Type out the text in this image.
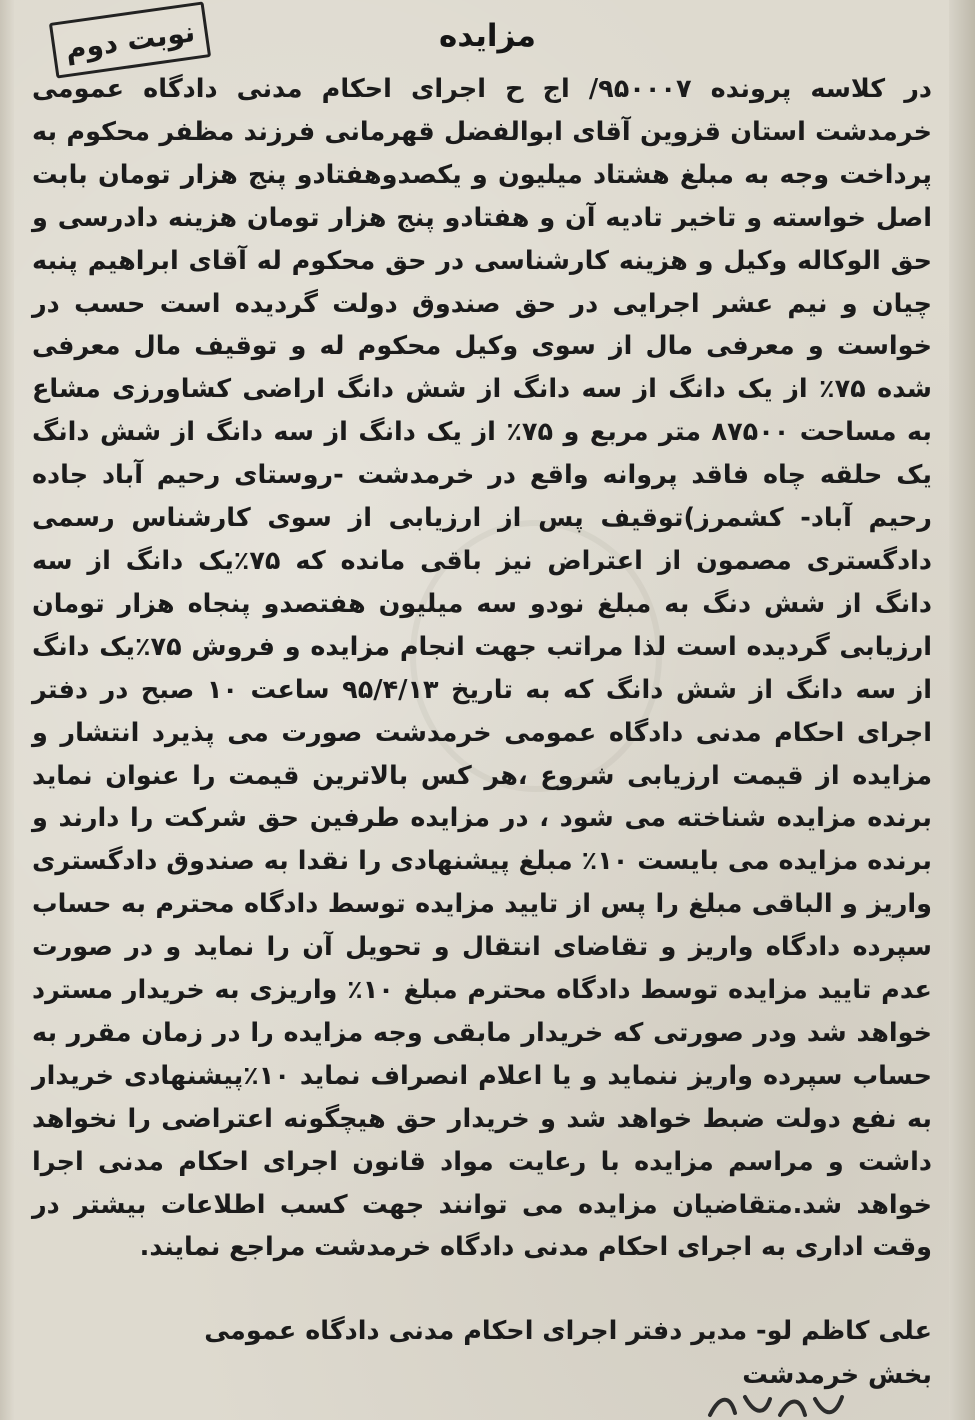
نوبت دوم	مزایده

در کلاسه پرونده ۹۵۰۰۰۷/ اج ح اجرای احکام مدنی دادگاه عمومی خرمدشت استان قزوین آقای ابوالفضل قهرمانی فرزند مظفر محکوم به پرداخت وجه به مبلغ هشتاد میلیون و یکصدوهفتادو پنج هزار تومان بابت اصل خواسته و تاخیر تادیه آن و هفتادو پنج هزار تومان هزینه دادرسی و حق الوکاله وکیل و هزینه کارشناسی در حق محکوم له آقای ابراهیم پنبه چیان و نیم عشر اجرایی در حق صندوق دولت گردیده است حسب در خواست و معرفی مال از سوی وکیل محکوم له و توقیف مال معرفی شده ۷۵٪ از یک دانگ از سه دانگ از شش دانگ اراضی کشاورزی مشاع به مساحت ۸۷۵۰۰ متر مربع و ۷۵٪ از یک دانگ از سه دانگ از شش دانگ یک حلقه چاه فاقد پروانه واقع در خرمدشت -روستای رحیم آباد جاده رحیم آباد- کشمرز)توقیف پس از ارزیابی از سوی کارشناس رسمی دادگستری مصمون از اعتراض نیز باقی مانده که ۷۵٪یک دانگ از سه دانگ از شش دنگ به مبلغ نودو سه میلیون هفتصدو پنجاه هزار تومان ارزیابی گردیده است لذا مراتب جهت انجام مزایده و فروش ۷۵٪یک دانگ از سه دانگ از شش دانگ که به تاریخ ۹۵/۴/۱۳ ساعت ۱۰ صبح در دفتر اجرای احکام مدنی دادگاه عمومی خرمدشت صورت می پذیرد انتشار و مزایده از قیمت ارزیابی شروع ،هر کس بالاترین قیمت را عنوان نماید برنده مزایده شناخته می شود ، در مزایده طرفین حق شرکت را دارند و برنده مزایده می بایست ۱۰٪ مبلغ پیشنهادی را نقدا به صندوق دادگستری واریز و الباقی مبلغ را پس از تایید مزایده توسط دادگاه محترم به حساب سپرده دادگاه واریز و تقاضای انتقال و تحویل آن را نماید و در صورت عدم تایید مزایده توسط دادگاه محترم مبلغ ۱۰٪ واریزی به خریدار مسترد خواهد شد ودر صورتی که خریدار مابقی وجه مزایده را در زمان مقرر به حساب سپرده واریز ننماید و یا اعلام انصراف نماید ۱۰٪پیشنهادی خریدار به نفع دولت ضبط خواهد شد و خریدار حق هیچگونه اعتراضی را نخواهد داشت و مراسم مزایده با رعایت مواد قانون اجرای احکام مدنی اجرا خواهد شد.متقاضیان مزایده می توانند جهت کسب اطلاعات بیشتر در وقت اداری به اجرای احکام مدنی دادگاه خرمدشت مراجع نمایند.

علی کاظم لو- مدیر دفتر اجرای احکام مدنی دادگاه عمومی
بخش خرمدشت
